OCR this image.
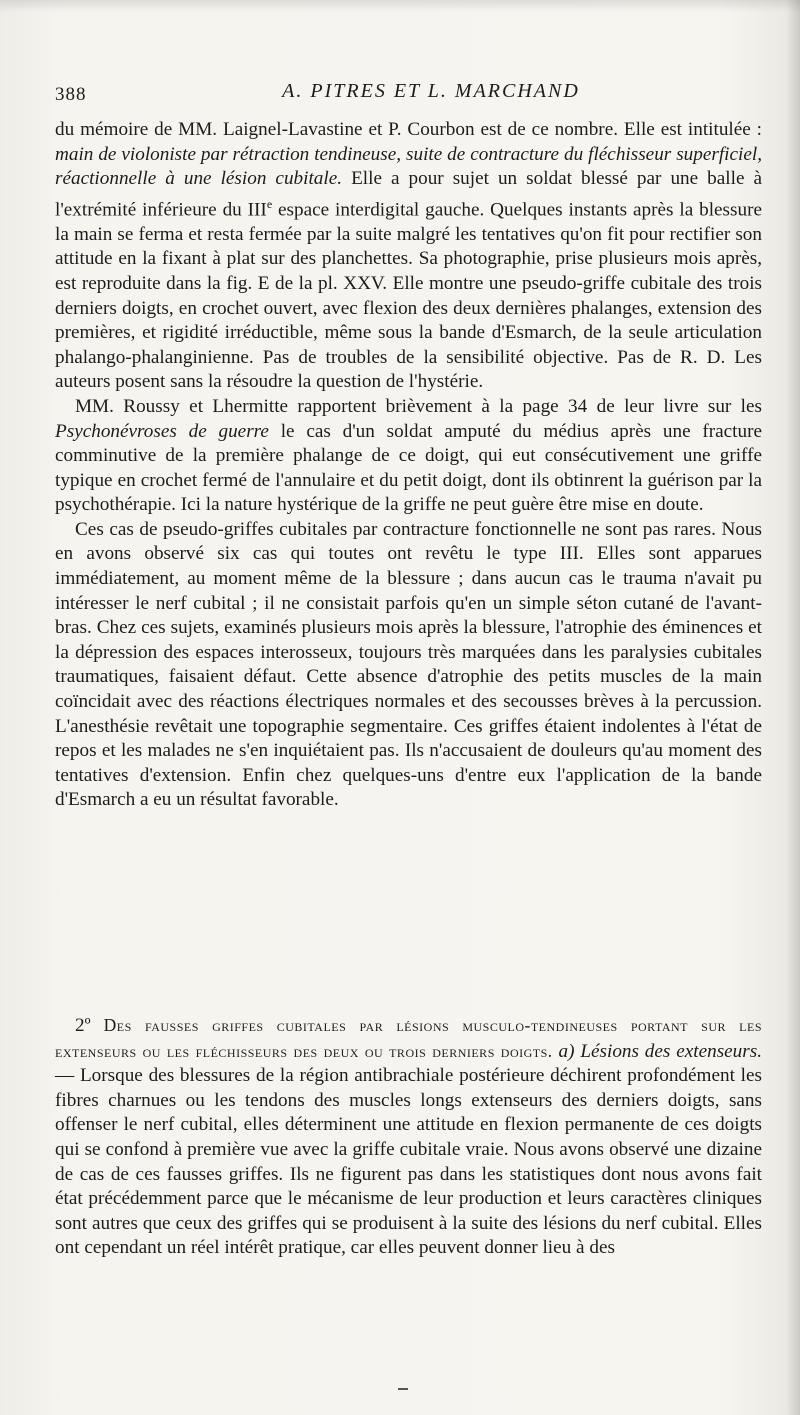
388	A. PITRES ET L. MARCHAND

du mémoire de MM. Laignel-Lavastine et P. Courbon est de ce nombre. Elle est intitulée : main de violoniste par rétraction tendineuse, suite de contracture du fléchisseur superficiel, réactionnelle à une lésion cubitale. Elle a pour sujet un soldat blessé par une balle à l'extrémité inférieure du IIIe espace interdigital gauche. Quelques instants après la blessure la main se ferma et resta fermée par la suite malgré les tentatives qu'on fit pour rectifier son attitude en la fixant à plat sur des planchettes. Sa photographie, prise plusieurs mois après, est reproduite dans la fig. E de la pl. XXV. Elle montre une pseudo-griffe cubitale des trois derniers doigts, en crochet ouvert, avec flexion des deux dernières phalanges, extension des premières, et rigidité irréductible, même sous la bande d'Esmarch, de la seule articulation phalango-phalanginienne. Pas de troubles de la sensibilité objective. Pas de R. D. Les auteurs posent sans la résoudre la question de l'hystérie.

MM. Roussy et Lhermitte rapportent brièvement à la page 34 de leur livre sur les Psychonévroses de guerre le cas d'un soldat amputé du médius après une fracture comminutive de la première phalange de ce doigt, qui eut consécutivement une griffe typique en crochet fermé de l'annulaire et du petit doigt, dont ils obtinrent la guérison par la psychothérapie. Ici la nature hystérique de la griffe ne peut guère être mise en doute.

Ces cas de pseudo-griffes cubitales par contracture fonctionnelle ne sont pas rares. Nous en avons observé six cas qui toutes ont revêtu le type III. Elles sont apparues immédiatement, au moment même de la blessure ; dans aucun cas le trauma n'avait pu intéresser le nerf cubital ; il ne consistait parfois qu'en un simple séton cutané de l'avant-bras. Chez ces sujets, examinés plusieurs mois après la blessure, l'atrophie des éminences et la dépression des espaces interosseux, toujours très marquées dans les paralysies cubitales traumatiques, faisaient défaut. Cette absence d'atrophie des petits muscles de la main coïncidait avec des réactions électriques normales et des secousses brèves à la percussion. L'anesthésie revêtait une topographie segmentaire. Ces griffes étaient indolentes à l'état de repos et les malades ne s'en inquiétaient pas. Ils n'accusaient de douleurs qu'au moment des tentatives d'extension. Enfin chez quelques-uns d'entre eux l'application de la bande d'Esmarch a eu un résultat favorable.

2º Des fausses griffes cubitales par lésions musculo-tendineuses portant sur les extenseurs ou les fléchisseurs des deux ou trois derniers doigts. a) Lésions des extenseurs. — Lorsque des blessures de la région antibrachiale postérieure déchirent profondément les fibres charnues ou les tendons des muscles longs extenseurs des derniers doigts, sans offenser le nerf cubital, elles déterminent une attitude en flexion permanente de ces doigts qui se confond à première vue avec la griffe cubitale vraie. Nous avons observé une dizaine de cas de ces fausses griffes. Ils ne figurent pas dans les statistiques dont nous avons fait état précédemment parce que le mécanisme de leur production et leurs caractères cliniques sont autres que ceux des griffes qui se produisent à la suite des lésions du nerf cubital. Elles ont cependant un réel intérêt pratique, car elles peuvent donner lieu à des
